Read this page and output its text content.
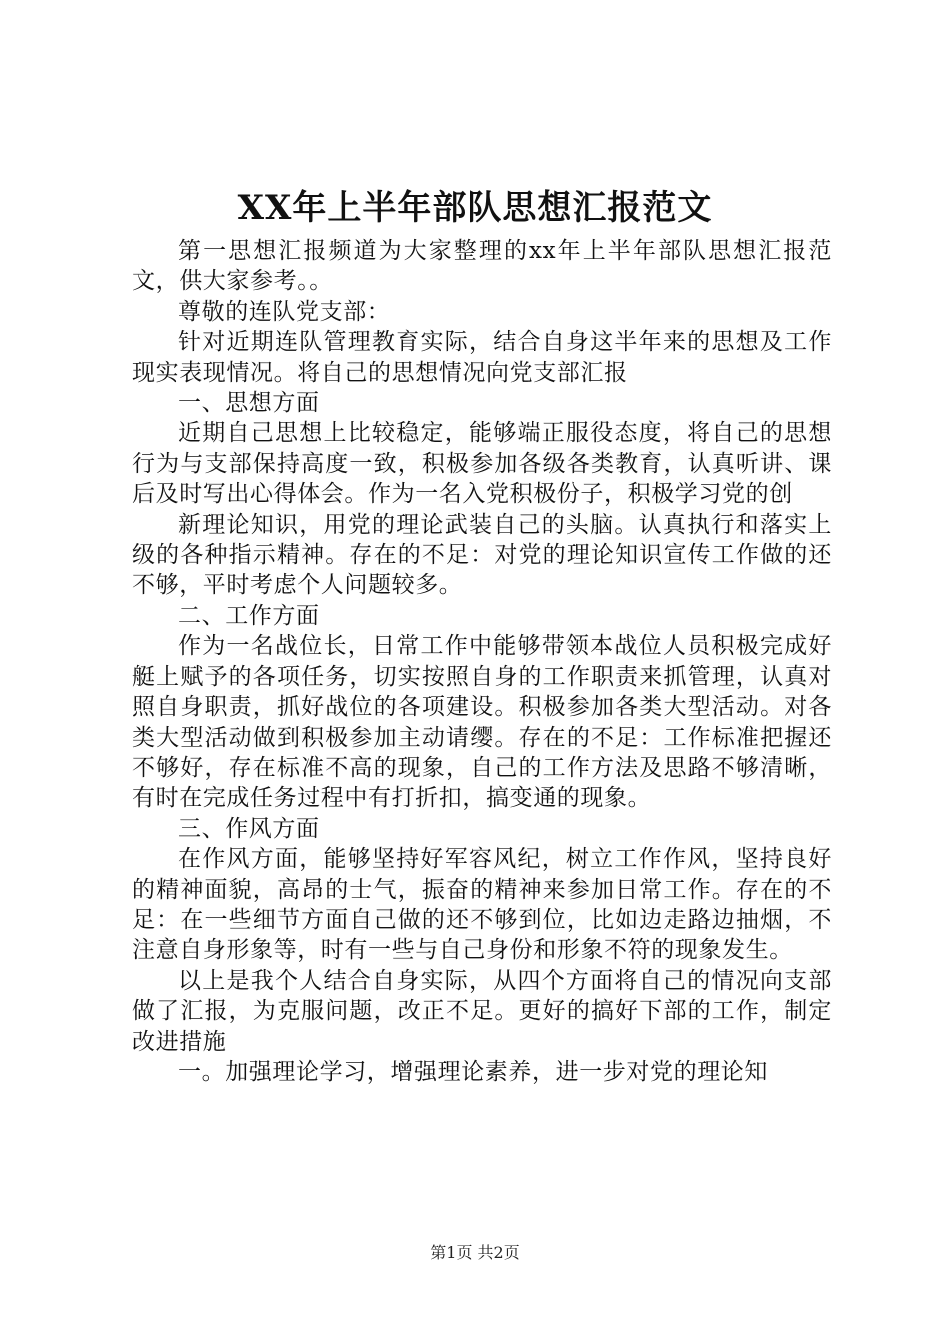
XX年上半年部队思想汇报范文

第一思想汇报频道为大家整理的xx年上半年部队思想汇报范文，供大家参考。。

尊敬的连队党支部：

针对近期连队管理教育实际，结合自身这半年来的思想及工作现实表现情况。将自己的思想情况向党支部汇报

一、思想方面

近期自己思想上比较稳定，能够端正服役态度，将自己的思想行为与支部保持高度一致，积极参加各级各类教育，认真听讲、课后及时写出心得体会。作为一名入党积极份子，积极学习党的创

新理论知识，用党的理论武装自己的头脑。认真执行和落实上级的各种指示精神。存在的不足：对党的理论知识宣传工作做的还不够，平时考虑个人问题较多。

二、工作方面

作为一名战位长，日常工作中能够带领本战位人员积极完成好艇上赋予的各项任务，切实按照自身的工作职责来抓管理，认真对照自身职责，抓好战位的各项建设。积极参加各类大型活动。对各类大型活动做到积极参加主动请缨。存在的不足：工作标准把握还不够好，存在标准不高的现象，自己的工作方法及思路不够清晰，有时在完成任务过程中有打折扣，搞变通的现象。

三、作风方面

在作风方面，能够坚持好军容风纪，树立工作作风，坚持良好的精神面貌，高昂的士气，振奋的精神来参加日常工作。存在的不足：在一些细节方面自己做的还不够到位，比如边走路边抽烟，不注意自身形象等，时有一些与自己身份和形象不符的现象发生。

以上是我个人结合自身实际，从四个方面将自己的情况向支部做了汇报，为克服问题，改正不足。更好的搞好下部的工作，制定改进措施

一。加强理论学习，增强理论素养，进一步对党的理论知

第1页 共2页
